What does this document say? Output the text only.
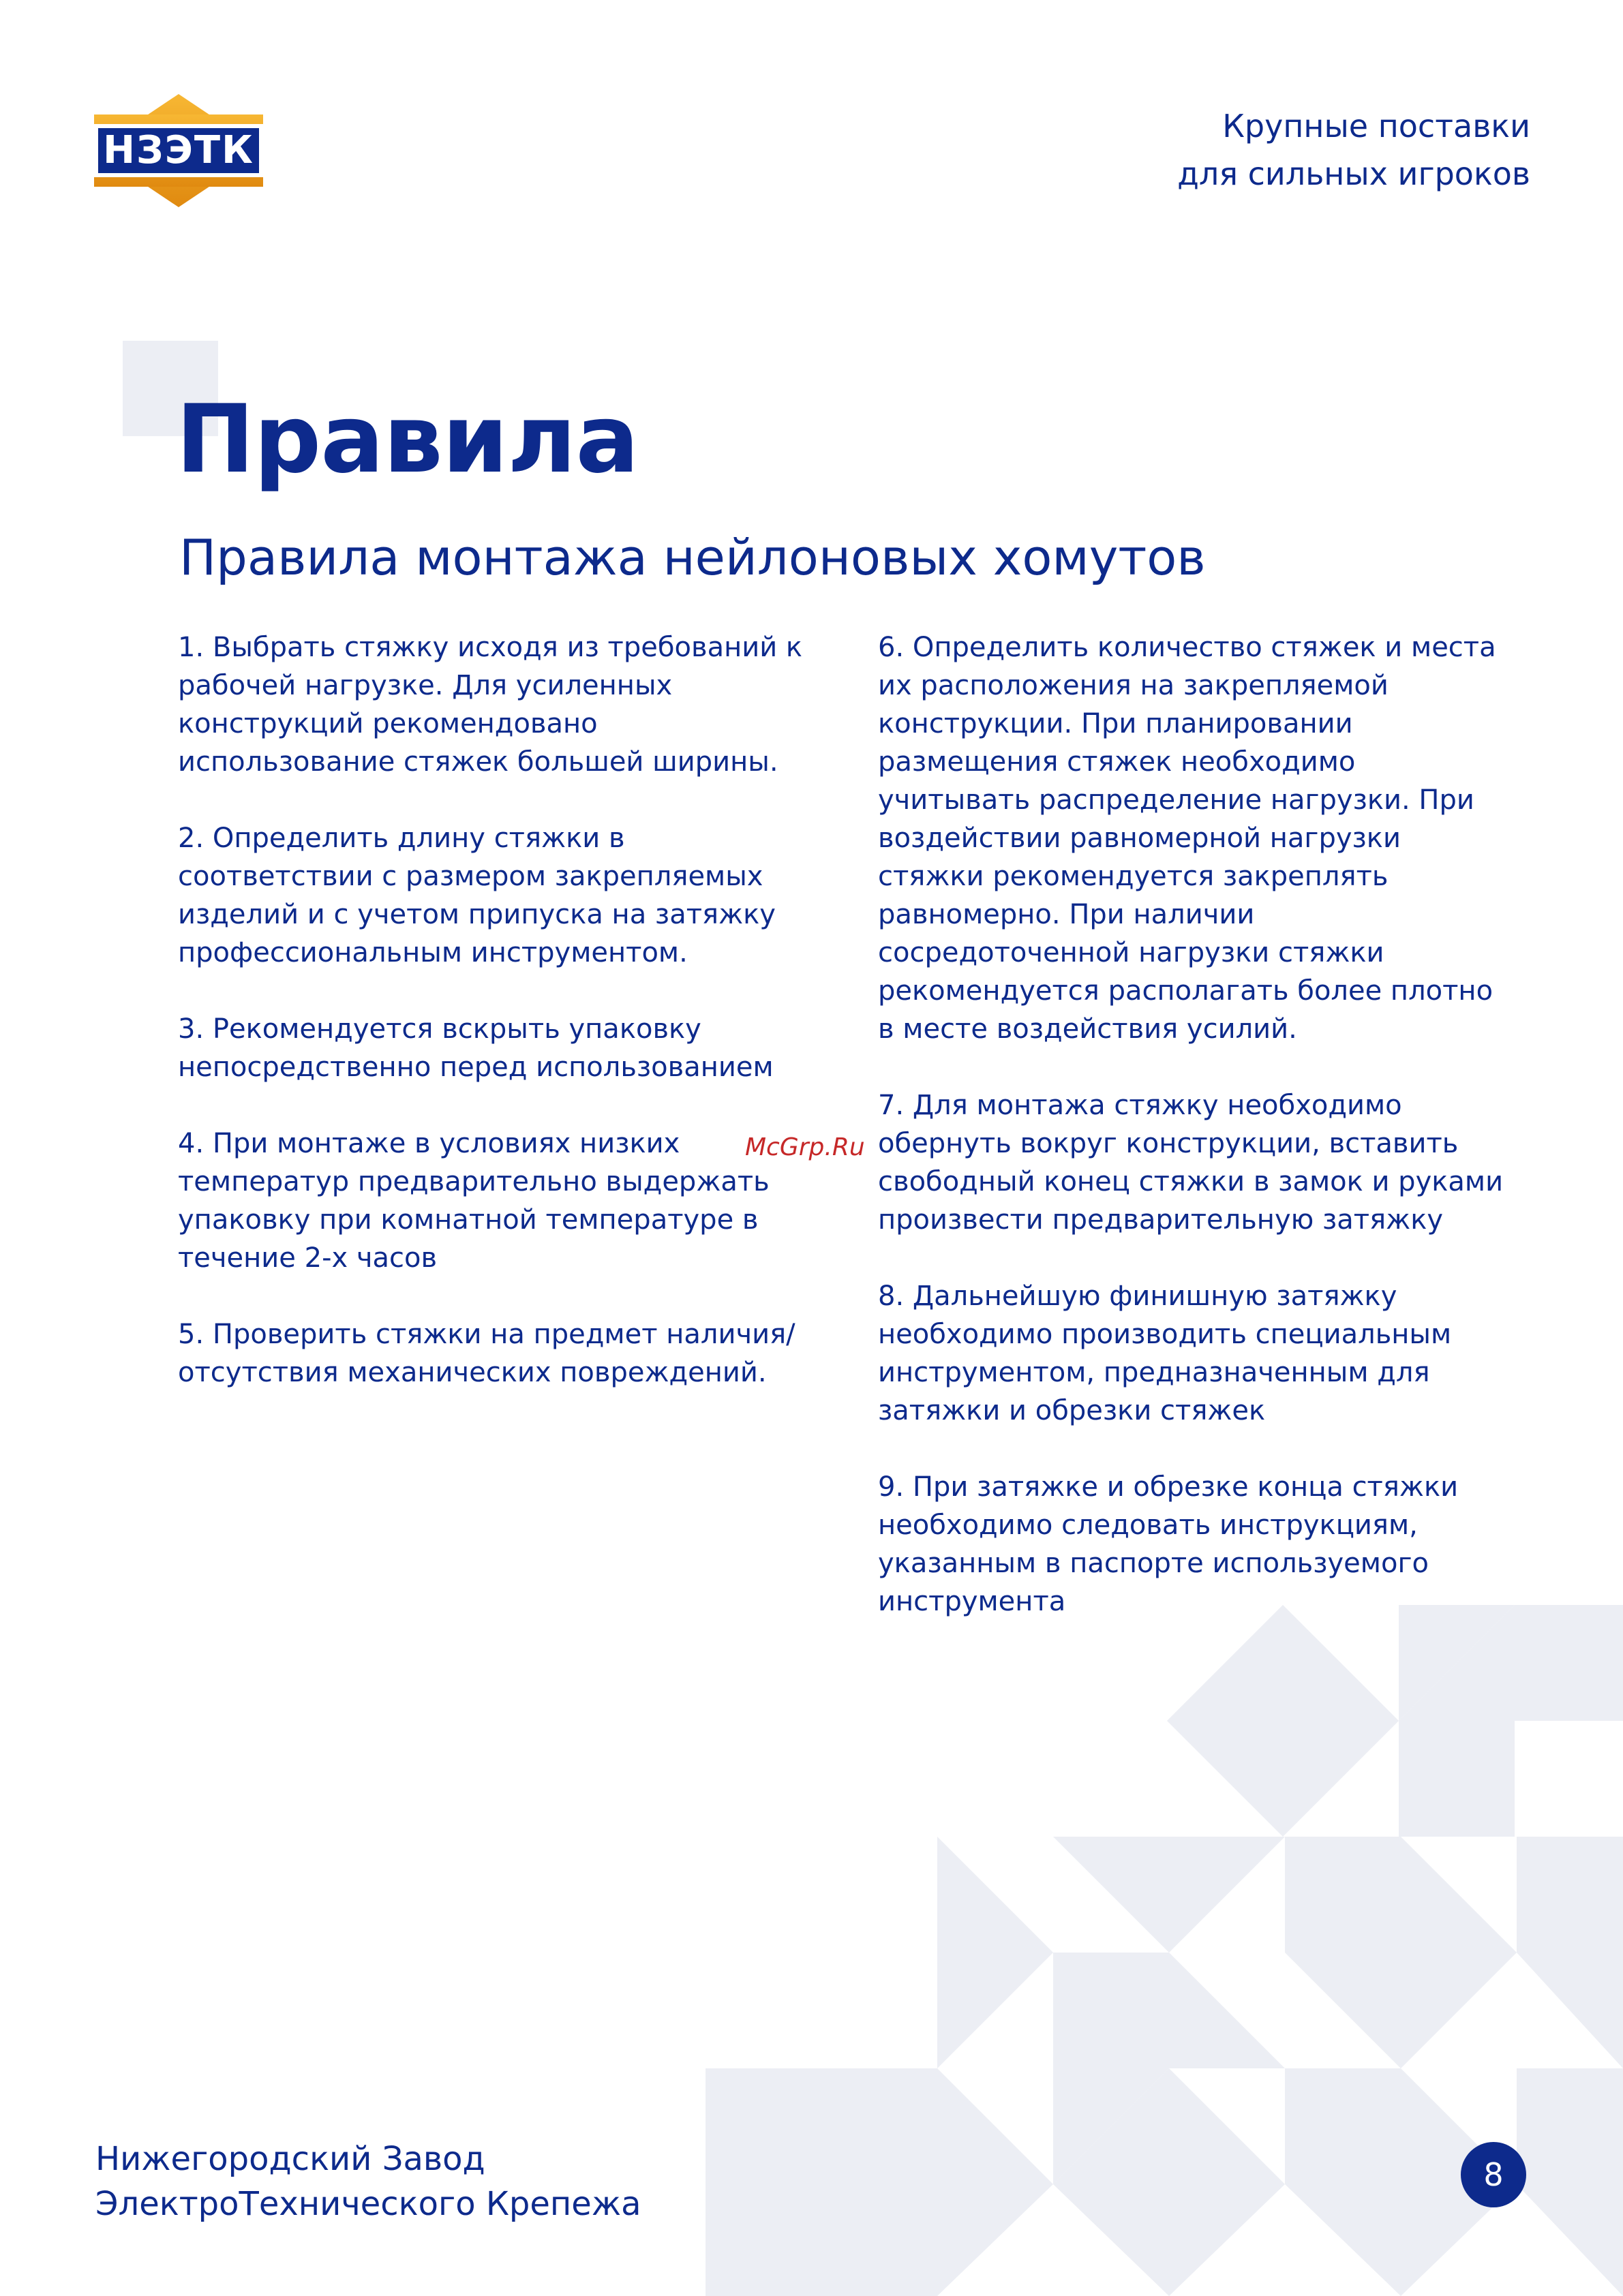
НЗЭТК
Крупные поставки
для сильных игроков
Правила
Правила монтажа нейлоновых хомутов

1. Выбрать стяжку исходя из требований к
рабочей нагрузке. Для усиленных
конструкций рекомендовано
использование стяжек большей ширины.

2. Определить длину стяжки в
соответствии с размером закрепляемых
изделий и с учетом припуска на затяжку
профессиональным инструментом.

3. Рекомендуется вскрыть упаковку
непосредственно перед использованием

4. При монтаже в условиях низких
температур предварительно выдержать
упаковку при комнатной температуре в
течение 2-х часов

5. Проверить стяжки на предмет наличия/
отсутствия механических повреждений.

6. Определить количество стяжек и места
их расположения на закрепляемой
конструкции. При планировании
размещения стяжек необходимо
учитывать распределение нагрузки. При
воздействии равномерной нагрузки
стяжки рекомендуется закреплять
равномерно. При наличии
сосредоточенной нагрузки стяжки
рекомендуется располагать более плотно
в месте воздействия усилий.

7. Для монтажа стяжку необходимо
обернуть вокруг конструкции, вставить
свободный конец стяжки в замок и руками
произвести предварительную затяжку

8. Дальнейшую финишную затяжку
необходимо производить специальным
инструментом, предназначенным для
затяжки и обрезки стяжек

9. При затяжке и обрезке конца стяжки
необходимо следовать инструкциям,
указанным в паспорте используемого
инструмента

McGrp.Ru
Нижегородский Завод
ЭлектроТехнического Крепежа
8
